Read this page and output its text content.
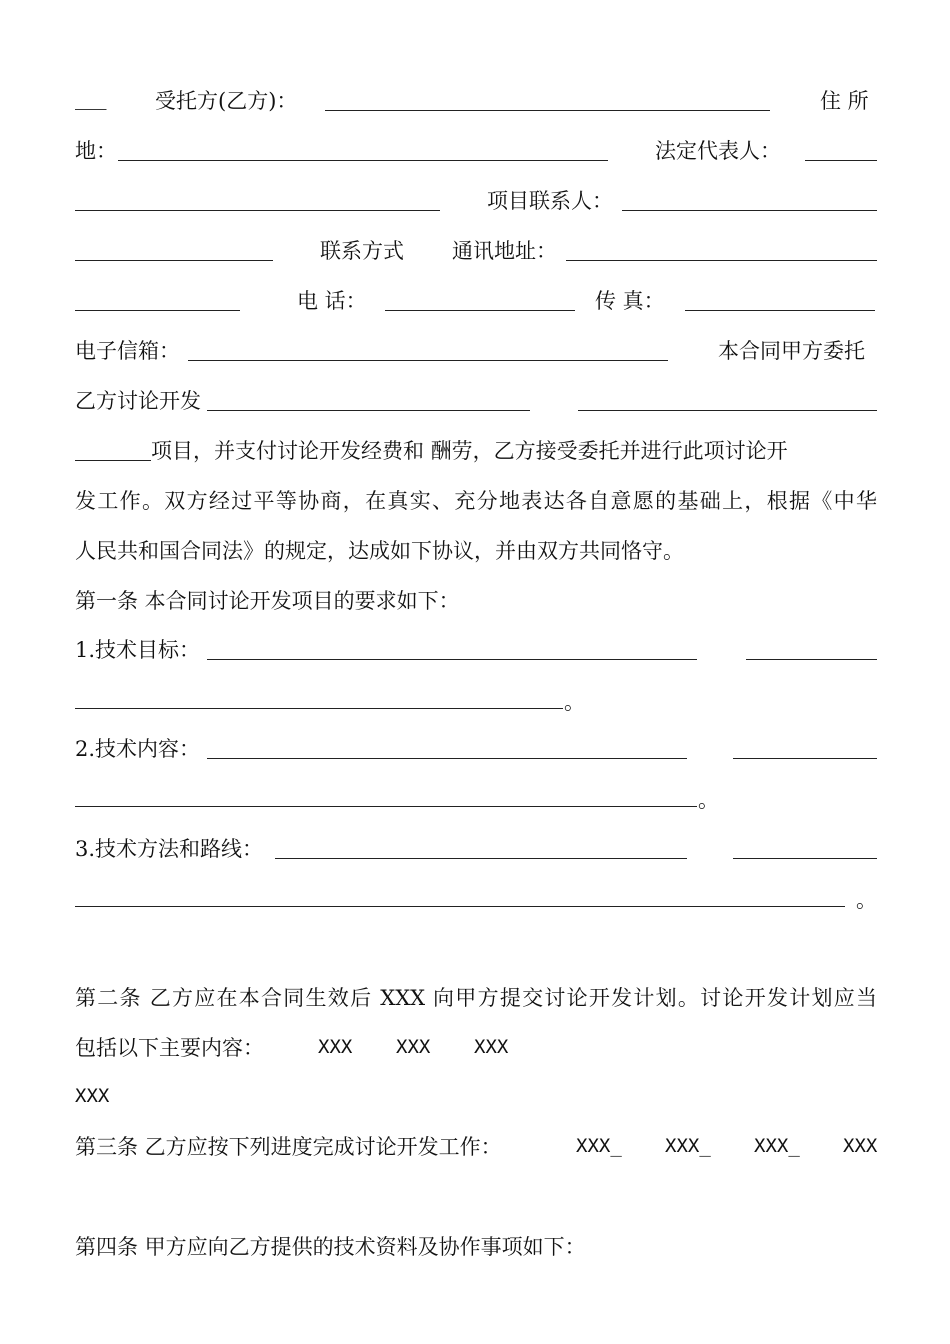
___ 受托方(乙方)：	住 所
地：	法定代表人：
项目联系人：
联系方式 通讯地址：
电 话：	传 真：
电子信箱：	本合同甲方委托
乙方讨论开发
项目，并支付讨论开发经费和 酬劳，乙方接受委托并进行此项讨论开
发工作。双方经过平等协商，在真实、充分地表达各自意愿的基础上，根据《中华
人民共和国合同法》的规定，达成如下协议，并由双方共同恪守。
第一条 本合同讨论开发项目的要求如下：
1.技术目标：
。
2.技术内容：
。
3.技术方法和路线：
。
第二条 乙方应在本合同生效后 XXX 向甲方提交讨论开发计划。讨论开发计划应当
包括以下主要内容：	XXX XXX XXX
XXX
第三条 乙方应按下列进度完成讨论开发工作：	XXX_ XXX_ XXX_ XXX
第四条 甲方应向乙方提供的技术资料及协作事项如下：
